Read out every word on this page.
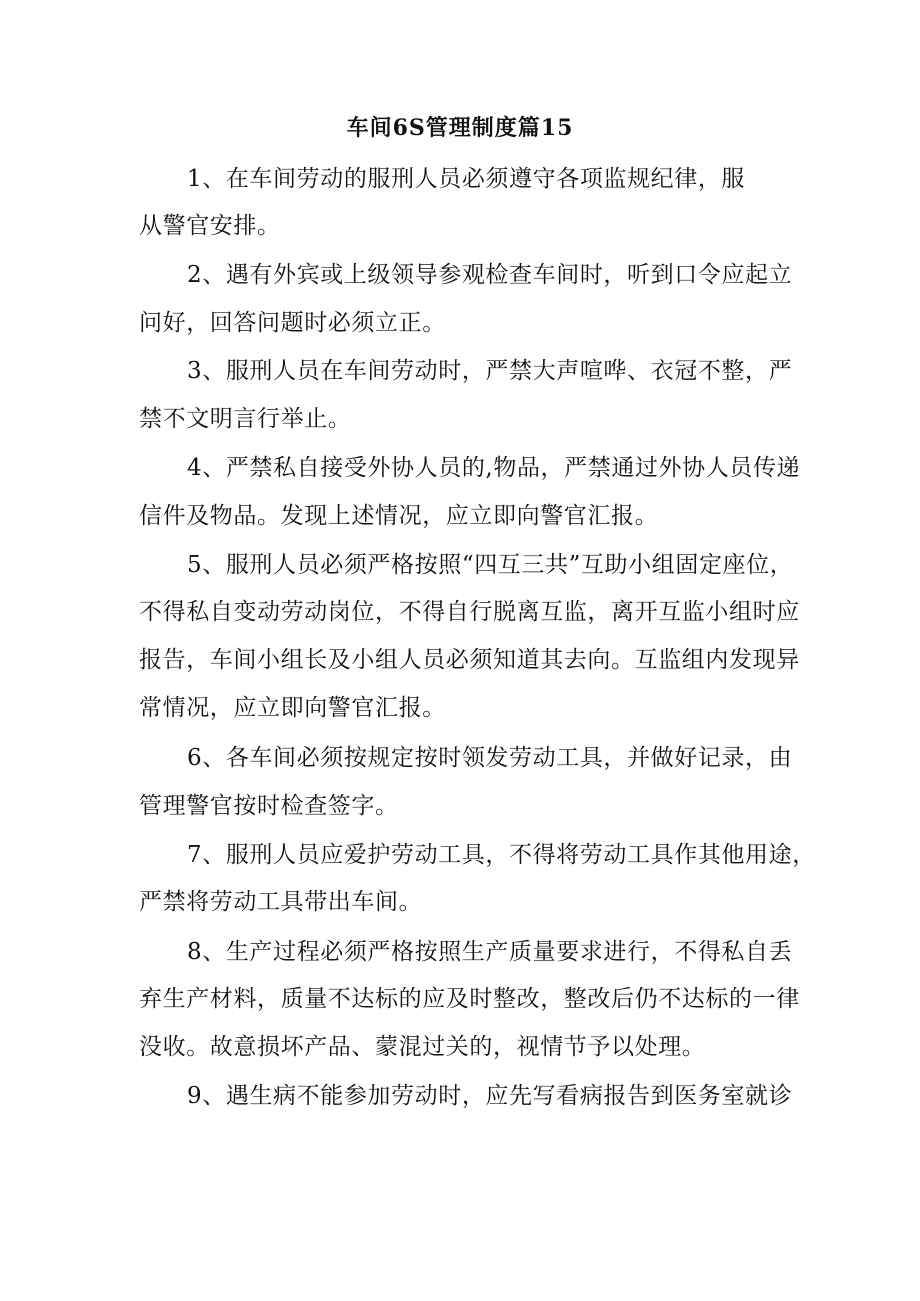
车间6S管理制度篇15
1、在车间劳动的服刑人员必须遵守各项监规纪律，服
从警官安排。
2、遇有外宾或上级领导参观检查车间时，听到口令应起立
问好，回答问题时必须立正。
3、服刑人员在车间劳动时，严禁大声喧哗、衣冠不整，严
禁不文明言行举止。
4、严禁私自接受外协人员的,物品，严禁通过外协人员传递
信件及物品。发现上述情况，应立即向警官汇报。
5、服刑人员必须严格按照“四互三共”互助小组固定座位，
不得私自变动劳动岗位，不得自行脱离互监，离开互监小组时应
报告，车间小组长及小组人员必须知道其去向。互监组内发现异
常情况，应立即向警官汇报。
6、各车间必须按规定按时领发劳动工具，并做好记录，由
管理警官按时检查签字。
7、服刑人员应爱护劳动工具，不得将劳动工具作其他用途，
严禁将劳动工具带出车间。
8、生产过程必须严格按照生产质量要求进行，不得私自丢
弃生产材料，质量不达标的应及时整改，整改后仍不达标的一律
没收。故意损坏产品、蒙混过关的，视情节予以处理。
9、遇生病不能参加劳动时，应先写看病报告到医务室就诊
